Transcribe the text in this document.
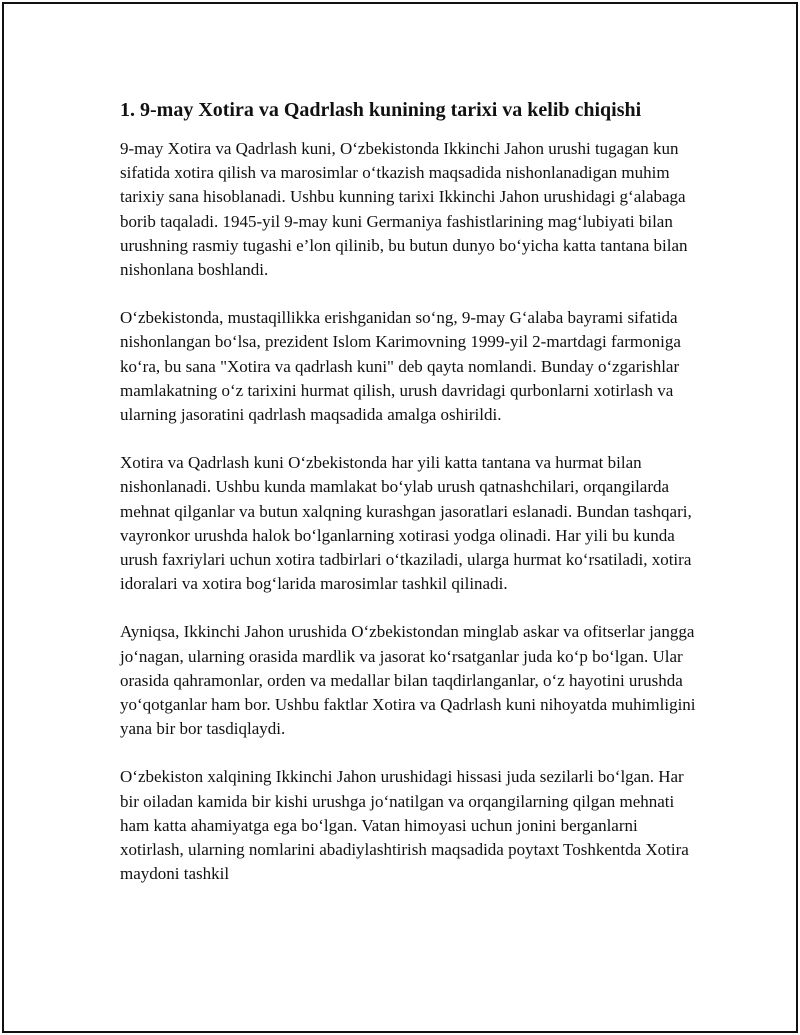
1. 9-may Xotira va Qadrlash kunining tarixi va kelib chiqishi

9-may Xotira va Qadrlash kuni, O‘zbekistonda Ikkinchi Jahon urushi tugagan kun sifatida xotira qilish va marosimlar o‘tkazish maqsadida nishonlanadigan muhim tarixiy sana hisoblanadi. Ushbu kunning tarixi Ikkinchi Jahon urushidagi g‘alabaga borib taqaladi. 1945-yil 9-may kuni Germaniya fashistlarining mag‘lubiyati bilan urushning rasmiy tugashi e’lon qilinib, bu butun dunyo bo‘yicha katta tantana bilan nishonlana boshlandi.

O‘zbekistonda, mustaqillikka erishganidan so‘ng, 9-may G‘alaba bayrami sifatida nishonlangan bo‘lsa, prezident Islom Karimovning 1999-yil 2-martdagi farmoniga ko‘ra, bu sana "Xotira va qadrlash kuni" deb qayta nomlandi. Bunday o‘zgarishlar mamlakatning o‘z tarixini hurmat qilish, urush davridagi qurbonlarni xotirlash va ularning jasoratini qadrlash maqsadida amalga oshirildi.

Xotira va Qadrlash kuni O‘zbekistonda har yili katta tantana va hurmat bilan nishonlanadi. Ushbu kunda mamlakat bo‘ylab urush qatnashchilari, orqangilarda mehnat qilganlar va butun xalqning kurashgan jasoratlari eslanadi. Bundan tashqari, vayronkor urushda halok bo‘lganlarning xotirasi yodga olinadi. Har yili bu kunda urush faxriylari uchun xotira tadbirlari o‘tkaziladi, ularga hurmat ko‘rsatiladi, xotira idoralari va xotira bog‘larida marosimlar tashkil qilinadi.

Ayniqsa, Ikkinchi Jahon urushida O‘zbekistondan minglab askar va ofitserlar jangga jo‘nagan, ularning orasida mardlik va jasorat ko‘rsatganlar juda ko‘p bo‘lgan. Ular orasida qahramonlar, orden va medallar bilan taqdirlanganlar, o‘z hayotini urushda yo‘qotganlar ham bor. Ushbu faktlar Xotira va Qadrlash kuni nihoyatda muhimligini yana bir bor tasdiqlaydi.

O‘zbekiston xalqining Ikkinchi Jahon urushidagi hissasi juda sezilarli bo‘lgan. Har bir oiladan kamida bir kishi urushga jo‘natilgan va orqangilarning qilgan mehnati ham katta ahamiyatga ega bo‘lgan. Vatan himoyasi uchun jonini berganlarni xotirlash, ularning nomlarini abadiylashtirish maqsadida poytaxt Toshkentda Xotira maydoni tashkil
